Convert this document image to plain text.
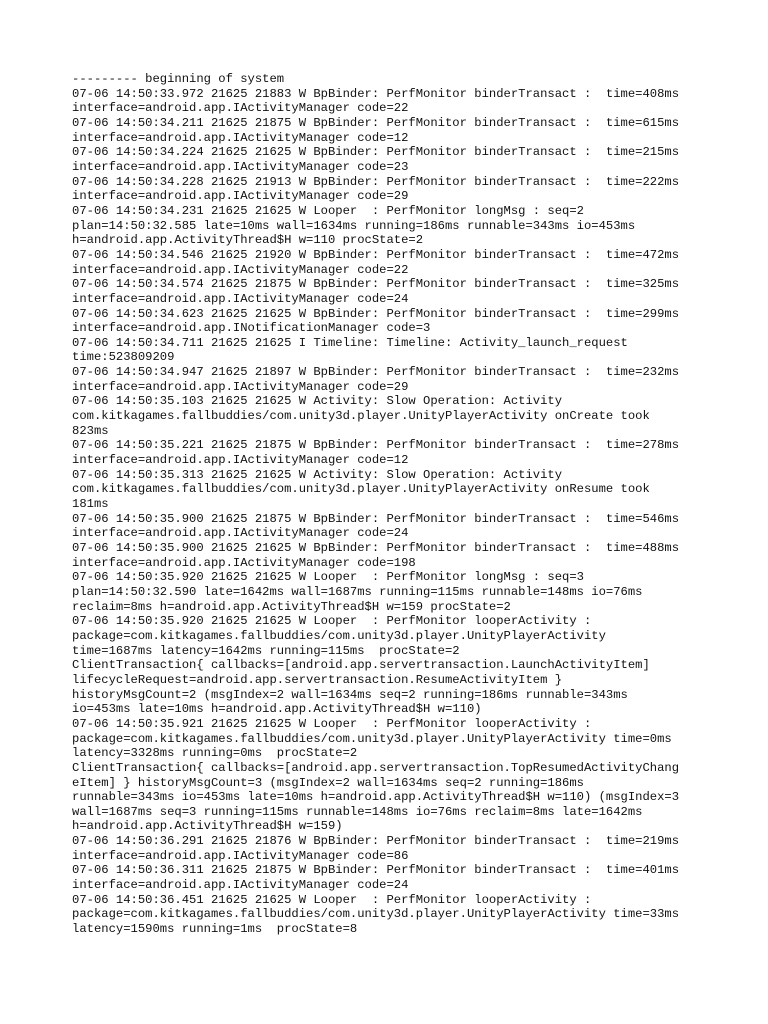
--------- beginning of system
07-06 14:50:33.972 21625 21883 W BpBinder: PerfMonitor binderTransact :  time=408ms
interface=android.app.IActivityManager code=22
07-06 14:50:34.211 21625 21875 W BpBinder: PerfMonitor binderTransact :  time=615ms
interface=android.app.IActivityManager code=12
07-06 14:50:34.224 21625 21625 W BpBinder: PerfMonitor binderTransact :  time=215ms
interface=android.app.IActivityManager code=23
07-06 14:50:34.228 21625 21913 W BpBinder: PerfMonitor binderTransact :  time=222ms
interface=android.app.IActivityManager code=29
07-06 14:50:34.231 21625 21625 W Looper  : PerfMonitor longMsg : seq=2
plan=14:50:32.585 late=10ms wall=1634ms running=186ms runnable=343ms io=453ms
h=android.app.ActivityThread$H w=110 procState=2
07-06 14:50:34.546 21625 21920 W BpBinder: PerfMonitor binderTransact :  time=472ms
interface=android.app.IActivityManager code=22
07-06 14:50:34.574 21625 21875 W BpBinder: PerfMonitor binderTransact :  time=325ms
interface=android.app.IActivityManager code=24
07-06 14:50:34.623 21625 21625 W BpBinder: PerfMonitor binderTransact :  time=299ms
interface=android.app.INotificationManager code=3
07-06 14:50:34.711 21625 21625 I Timeline: Timeline: Activity_launch_request
time:523809209
07-06 14:50:34.947 21625 21897 W BpBinder: PerfMonitor binderTransact :  time=232ms
interface=android.app.IActivityManager code=29
07-06 14:50:35.103 21625 21625 W Activity: Slow Operation: Activity
com.kitkagames.fallbuddies/com.unity3d.player.UnityPlayerActivity onCreate took
823ms
07-06 14:50:35.221 21625 21875 W BpBinder: PerfMonitor binderTransact :  time=278ms
interface=android.app.IActivityManager code=12
07-06 14:50:35.313 21625 21625 W Activity: Slow Operation: Activity
com.kitkagames.fallbuddies/com.unity3d.player.UnityPlayerActivity onResume took
181ms
07-06 14:50:35.900 21625 21875 W BpBinder: PerfMonitor binderTransact :  time=546ms
interface=android.app.IActivityManager code=24
07-06 14:50:35.900 21625 21625 W BpBinder: PerfMonitor binderTransact :  time=488ms
interface=android.app.IActivityManager code=198
07-06 14:50:35.920 21625 21625 W Looper  : PerfMonitor longMsg : seq=3
plan=14:50:32.590 late=1642ms wall=1687ms running=115ms runnable=148ms io=76ms
reclaim=8ms h=android.app.ActivityThread$H w=159 procState=2
07-06 14:50:35.920 21625 21625 W Looper  : PerfMonitor looperActivity :
package=com.kitkagames.fallbuddies/com.unity3d.player.UnityPlayerActivity
time=1687ms latency=1642ms running=115ms  procState=2
ClientTransaction{ callbacks=[android.app.servertransaction.LaunchActivityItem]
lifecycleRequest=android.app.servertransaction.ResumeActivityItem }
historyMsgCount=2 (msgIndex=2 wall=1634ms seq=2 running=186ms runnable=343ms
io=453ms late=10ms h=android.app.ActivityThread$H w=110)
07-06 14:50:35.921 21625 21625 W Looper  : PerfMonitor looperActivity :
package=com.kitkagames.fallbuddies/com.unity3d.player.UnityPlayerActivity time=0ms
latency=3328ms running=0ms  procState=2
ClientTransaction{ callbacks=[android.app.servertransaction.TopResumedActivityChang
eItem] } historyMsgCount=3 (msgIndex=2 wall=1634ms seq=2 running=186ms
runnable=343ms io=453ms late=10ms h=android.app.ActivityThread$H w=110) (msgIndex=3
wall=1687ms seq=3 running=115ms runnable=148ms io=76ms reclaim=8ms late=1642ms
h=android.app.ActivityThread$H w=159)
07-06 14:50:36.291 21625 21876 W BpBinder: PerfMonitor binderTransact :  time=219ms
interface=android.app.IActivityManager code=86
07-06 14:50:36.311 21625 21875 W BpBinder: PerfMonitor binderTransact :  time=401ms
interface=android.app.IActivityManager code=24
07-06 14:50:36.451 21625 21625 W Looper  : PerfMonitor looperActivity :
package=com.kitkagames.fallbuddies/com.unity3d.player.UnityPlayerActivity time=33ms
latency=1590ms running=1ms  procState=8
